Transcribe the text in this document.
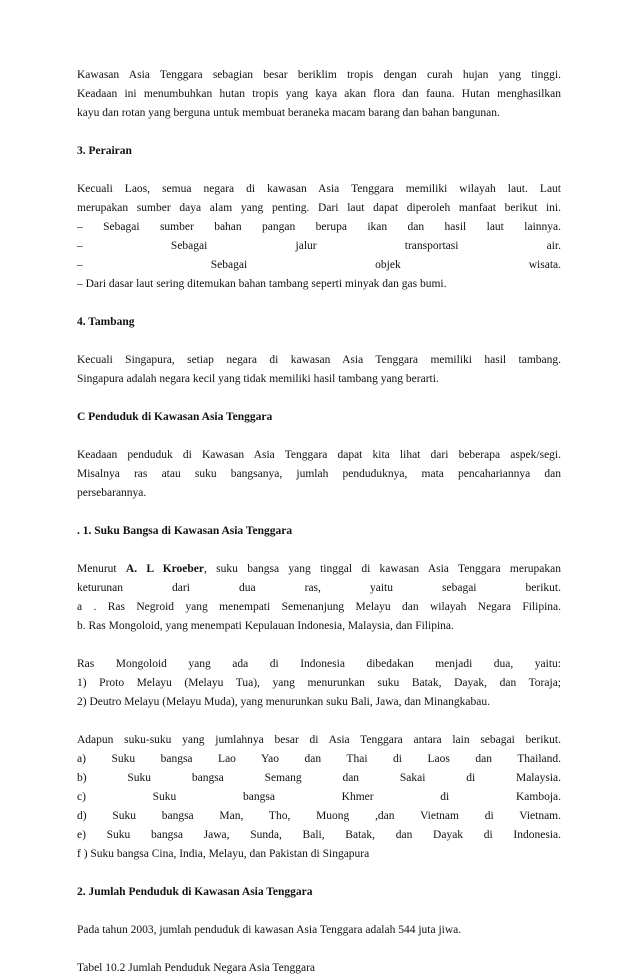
Kawasan Asia Tenggara sebagian besar beriklim tropis dengan curah hujan yang tinggi.
Keadaan ini menumbuhkan hutan tropis yang kaya akan flora dan fauna. Hutan menghasilkan
kayu dan rotan yang berguna untuk membuat beraneka macam barang dan bahan bangunan.
3. Perairan
Kecuali Laos, semua negara di kawasan Asia Tenggara memiliki wilayah laut. Laut
merupakan sumber daya alam yang penting. Dari laut dapat diperoleh manfaat berikut ini.
– Sebagai sumber bahan pangan berupa ikan dan hasil laut lainnya.
– Sebagai jalur transportasi air.
– Sebagai objek wisata.
– Dari dasar laut sering ditemukan bahan tambang seperti minyak dan gas bumi.
4. Tambang
Kecuali Singapura, setiap negara di kawasan Asia Tenggara memiliki hasil tambang.
Singapura adalah negara kecil yang tidak memiliki hasil tambang yang berarti.
C Penduduk di Kawasan Asia Tenggara
Keadaan penduduk di Kawasan Asia Tenggara dapat kita lihat dari beberapa aspek/segi.
Misalnya ras atau suku bangsanya, jumlah penduduknya, mata pencahariannya dan
persebarannya.
. 1. Suku Bangsa di Kawasan Asia Tenggara
Menurut A. L Kroeber, suku bangsa yang tinggal di kawasan Asia Tenggara merupakan
keturunan dari dua ras, yaitu sebagai berikut.
a . Ras Negroid yang menempati Semenanjung Melayu dan wilayah Negara Filipina.
b. Ras Mongoloid, yang menempati Kepulauan Indonesia, Malaysia, dan Filipina.
Ras Mongoloid yang ada di Indonesia dibedakan menjadi dua, yaitu:
1) Proto Melayu (Melayu Tua), yang menurunkan suku Batak, Dayak, dan Toraja;
2) Deutro Melayu (Melayu Muda), yang menurunkan suku Bali, Jawa, dan Minangkabau.
Adapun suku-suku yang jumlahnya besar di Asia Tenggara antara lain sebagai berikut.
a) Suku bangsa Lao Yao dan Thai di Laos dan Thailand.
b) Suku bangsa Semang dan Sakai di Malaysia.
c) Suku bangsa Khmer di Kamboja.
d) Suku bangsa Man, Tho, Muong ,dan Vietnam di Vietnam.
e) Suku bangsa Jawa, Sunda, Bali, Batak, dan Dayak di Indonesia.
f ) Suku bangsa Cina, India, Melayu, dan Pakistan di Singapura
2. Jumlah Penduduk di Kawasan Asia Tenggara
Pada tahun 2003, jumlah penduduk di kawasan Asia Tenggara adalah 544 juta jiwa.
Tabel 10.2 Jumlah Penduduk Negara Asia Tenggara
